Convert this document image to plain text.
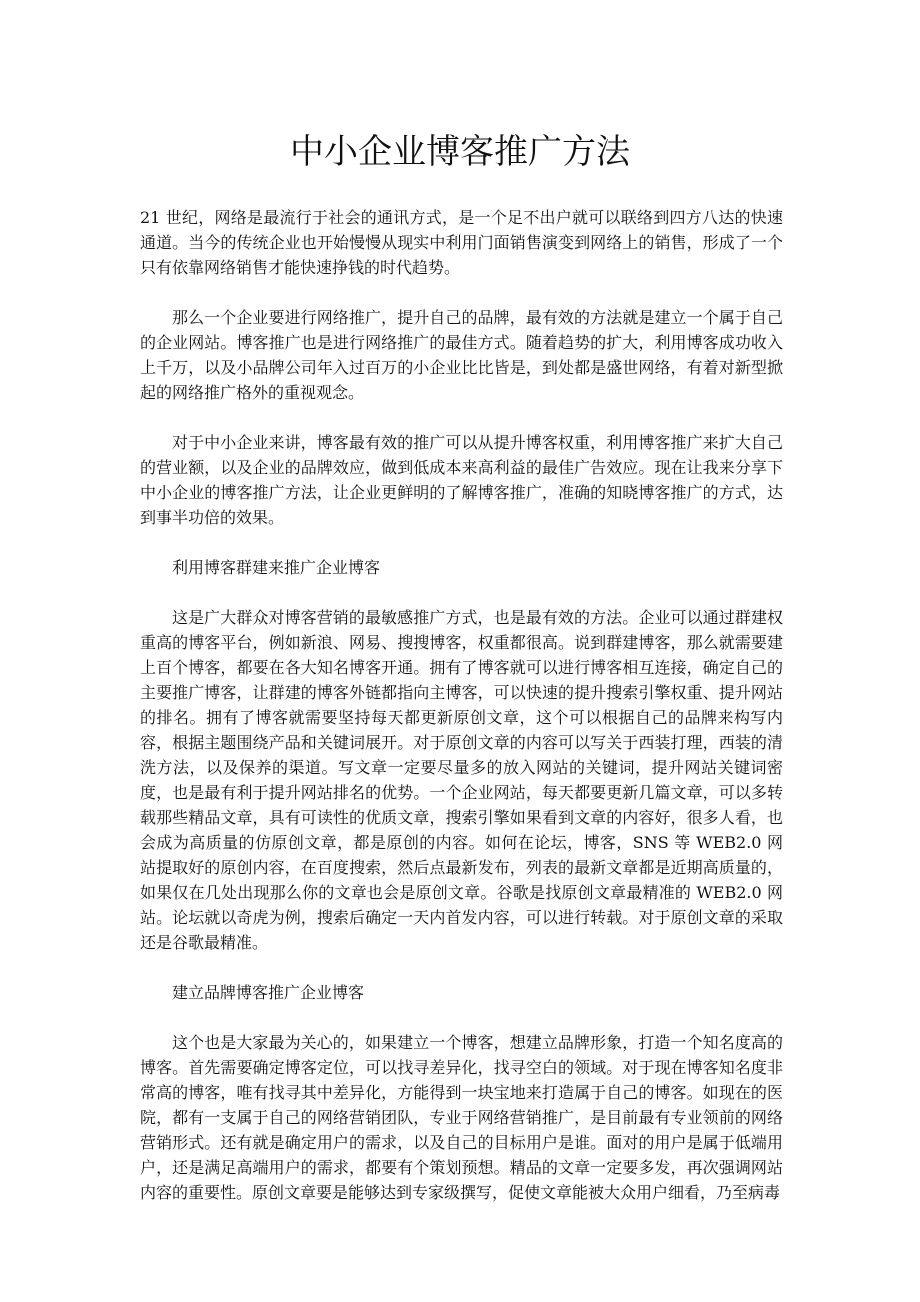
中小企业博客推广方法

21 世纪，网络是最流行于社会的通讯方式，是一个足不出户就可以联络到四方八达的快速通道。当今的传统企业也开始慢慢从现实中利用门面销售演变到网络上的销售，形成了一个只有依靠网络销售才能快速挣钱的时代趋势。

那么一个企业要进行网络推广，提升自己的品牌，最有效的方法就是建立一个属于自己的企业网站。博客推广也是进行网络推广的最佳方式。随着趋势的扩大，利用博客成功收入上千万，以及小品牌公司年入过百万的小企业比比皆是，到处都是盛世网络，有着对新型掀起的网络推广格外的重视观念。

对于中小企业来讲，博客最有效的推广可以从提升博客权重，利用博客推广来扩大自己的营业额，以及企业的品牌效应，做到低成本来高利益的最佳广告效应。现在让我来分享下中小企业的博客推广方法，让企业更鲜明的了解博客推广，准确的知晓博客推广的方式，达到事半功倍的效果。

利用博客群建来推广企业博客

这是广大群众对博客营销的最敏感推广方式，也是最有效的方法。企业可以通过群建权重高的博客平台，例如新浪、网易、搜搜博客，权重都很高。说到群建博客，那么就需要建上百个博客，都要在各大知名博客开通。拥有了博客就可以进行博客相互连接，确定自己的主要推广博客，让群建的博客外链都指向主博客，可以快速的提升搜索引擎权重、提升网站的排名。拥有了博客就需要坚持每天都更新原创文章，这个可以根据自己的品牌来构写内容，根据主题围绕产品和关键词展开。对于原创文章的内容可以写关于西装打理，西装的清洗方法，以及保养的渠道。写文章一定要尽量多的放入网站的关键词，提升网站关键词密度，也是最有利于提升网站排名的优势。一个企业网站，每天都要更新几篇文章，可以多转载那些精品文章，具有可读性的优质文章，搜索引擎如果看到文章的内容好，很多人看，也会成为高质量的仿原创文章，都是原创的内容。如何在论坛，博客，SNS 等 WEB2.0 网站提取好的原创内容，在百度搜索，然后点最新发布，列表的最新文章都是近期高质量的，如果仅在几处出现那么你的文章也会是原创文章。谷歌是找原创文章最精准的 WEB2.0 网站。论坛就以奇虎为例，搜索后确定一天内首发内容，可以进行转载。对于原创文章的采取还是谷歌最精准。

建立品牌博客推广企业博客

这个也是大家最为关心的，如果建立一个博客，想建立品牌形象，打造一个知名度高的博客。首先需要确定博客定位，可以找寻差异化，找寻空白的领域。对于现在博客知名度非常高的博客，唯有找寻其中差异化，方能得到一块宝地来打造属于自己的博客。如现在的医院，都有一支属于自己的网络营销团队，专业于网络营销推广，是目前最有专业领前的网络营销形式。还有就是确定用户的需求，以及自己的目标用户是谁。面对的用户是属于低端用户，还是满足高端用户的需求，都要有个策划预想。精品的文章一定要多发，再次强调网站内容的重要性。原创文章要是能够达到专家级撰写，促使文章能被大众用户细看，乃至病毒
